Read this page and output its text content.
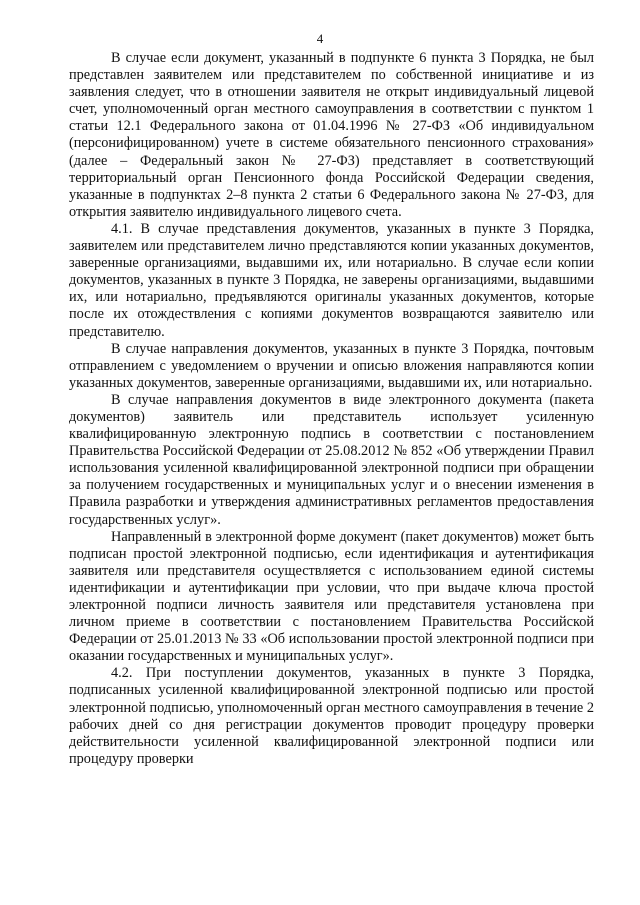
4

В случае если документ, указанный в подпункте 6 пункта 3 Порядка, не был представлен заявителем или представителем по собственной инициативе и из заявления следует, что в отношении заявителя не открыт индивидуальный лицевой счет, уполномоченный орган местного самоуправления в соответствии с пунктом 1 статьи 12.1 Федерального закона от 01.04.1996 № 27-ФЗ «Об индивидуальном (персонифицированном) учете в системе обязательного пенсионного страхования» (далее – Федеральный закон № 27-ФЗ) представляет в соответствующий территориальный орган Пенсионного фонда Российской Федерации сведения, указанные в подпунктах 2–8 пункта 2 статьи 6 Федерального закона № 27-ФЗ, для открытия заявителю индивидуального лицевого счета.

4.1. В случае представления документов, указанных в пункте 3 Порядка, заявителем или представителем лично представляются копии указанных документов, заверенные организациями, выдавшими их, или нотариально. В случае если копии документов, указанных в пункте 3 Порядка, не заверены организациями, выдавшими их, или нотариально, предъявляются оригиналы указанных документов, которые после их отождествления с копиями документов возвращаются заявителю или представителю.

В случае направления документов, указанных в пункте 3 Порядка, почтовым отправлением с уведомлением о вручении и описью вложения направляются копии указанных документов, заверенные организациями, выдавшими их, или нотариально.

В случае направления документов в виде электронного документа (пакета документов) заявитель или представитель использует усиленную квалифицированную электронную подпись в соответствии с постановлением Правительства Российской Федерации от 25.08.2012 № 852 «Об утверждении Правил использования усиленной квалифицированной электронной подписи при обращении за получением государственных и муниципальных услуг и о внесении изменения в Правила разработки и утверждения административных регламентов предоставления государственных услуг».

Направленный в электронной форме документ (пакет документов) может быть подписан простой электронной подписью, если идентификация и аутентификация заявителя или представителя осуществляется с использованием единой системы идентификации и аутентификации при условии, что при выдаче ключа простой электронной подписи личность заявителя или представителя установлена при личном приеме в соответствии с постановлением Правительства Российской Федерации от 25.01.2013 № 33 «Об использовании простой электронной подписи при оказании государственных и муниципальных услуг».

4.2. При поступлении документов, указанных в пункте 3 Порядка, подписанных усиленной квалифицированной электронной подписью или простой электронной подписью, уполномоченный орган местного самоуправления в течение 2 рабочих дней со дня регистрации документов проводит процедуру проверки действительности усиленной квалифицированной электронной подписи или процедуру проверки
